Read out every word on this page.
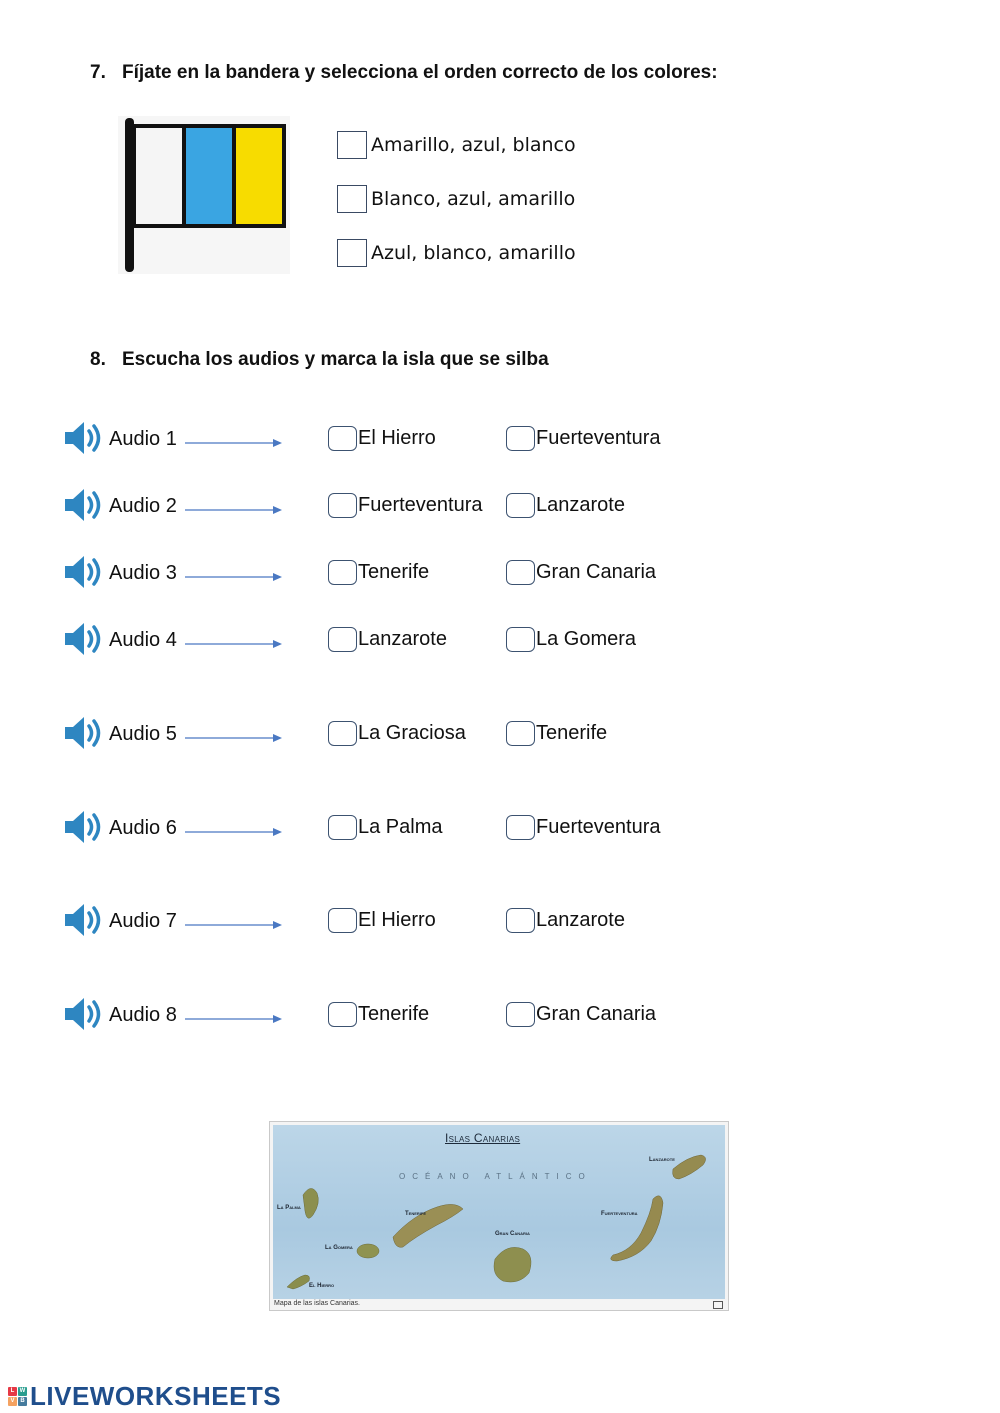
7. Fíjate en la bandera y selecciona el orden correcto de los colores:

Amarillo, azul, blanco
Blanco, azul, amarillo
Azul, blanco, amarillo

8. Escucha los audios y marca la isla que se silba

Audio 1	El Hierro	Fuerteventura
Audio 2	Fuerteventura	Lanzarote
Audio 3	Tenerife	Gran Canaria
Audio 4	Lanzarote	La Gomera
Audio 5	La Graciosa	Tenerife
Audio 6	La Palma	Fuerteventura
Audio 7	El Hierro	Lanzarote
Audio 8	Tenerife	Gran Canaria
Islas Canarias
OCÉANO ATLÁNTICO
La Palma
Tenerife
La Gomera
El Hierro
Gran Canaria
Fuerteventura
Lanzarote
Mapa de las islas Canarias.
L W
V B LIVEWORKSHEETS
